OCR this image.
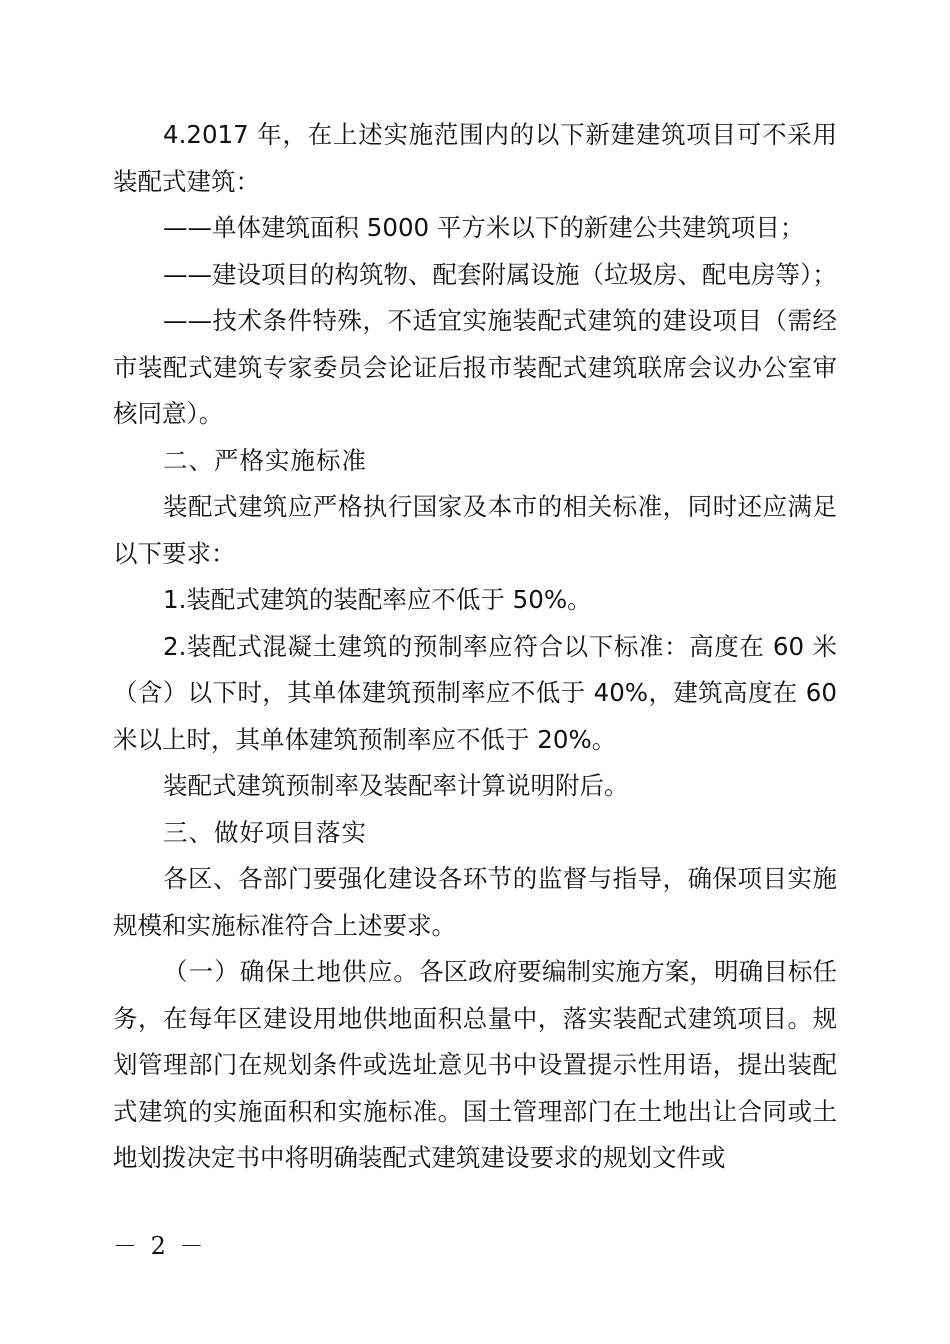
4.2017 年，在上述实施范围内的以下新建建筑项目可不采用装配式建筑：

——单体建筑面积 5000 平方米以下的新建公共建筑项目；

——建设项目的构筑物、配套附属设施（垃圾房、配电房等）；

——技术条件特殊，不适宜实施装配式建筑的建设项目（需经市装配式建筑专家委员会论证后报市装配式建筑联席会议办公室审核同意）。

二、严格实施标准

装配式建筑应严格执行国家及本市的相关标准，同时还应满足以下要求：

1.装配式建筑的装配率应不低于 50%。

2.装配式混凝土建筑的预制率应符合以下标准：高度在 60 米（含）以下时，其单体建筑预制率应不低于 40%，建筑高度在 60 米以上时，其单体建筑预制率应不低于 20%。

装配式建筑预制率及装配率计算说明附后。

三、做好项目落实

各区、各部门要强化建设各环节的监督与指导，确保项目实施规模和实施标准符合上述要求。

（一）确保土地供应。各区政府要编制实施方案，明确目标任务，在每年区建设用地供地面积总量中，落实装配式建筑项目。规划管理部门在规划条件或选址意见书中设置提示性用语，提出装配式建筑的实施面积和实施标准。国土管理部门在土地出让合同或土地划拨决定书中将明确装配式建筑建设要求的规划文件或

－ 2 －
